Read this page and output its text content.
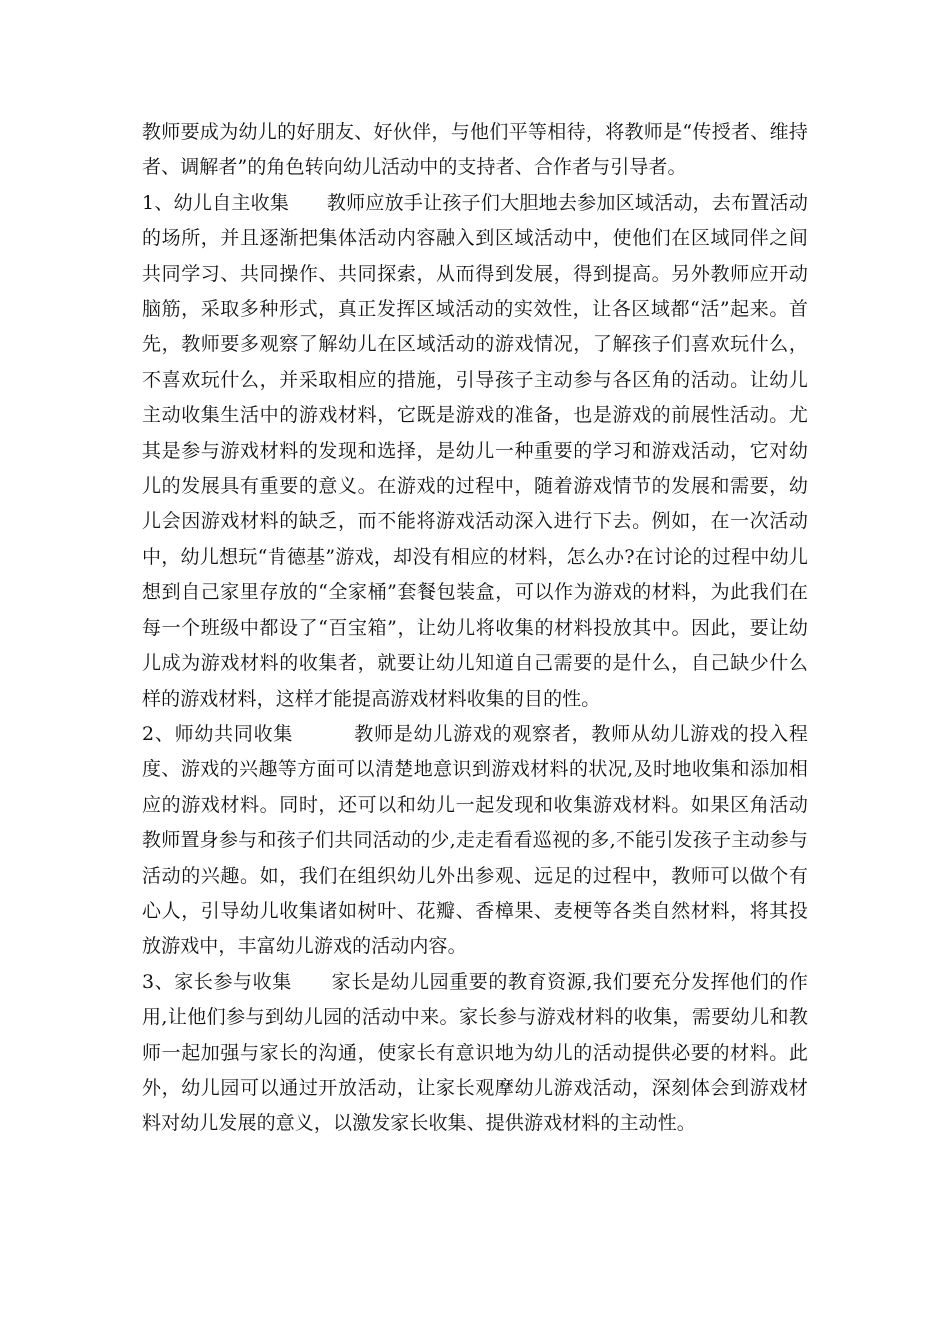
教师要成为幼儿的好朋友、好伙伴，与他们平等相待，将教师是“传授者、维持者、调解者”的角色转向幼儿活动中的支持者、合作者与引导者。

1、幼儿自主收集 教师应放手让孩子们大胆地去参加区域活动，去布置活动的场所，并且逐渐把集体活动内容融入到区域活动中，使他们在区域同伴之间共同学习、共同操作、共同探索，从而得到发展，得到提高。另外教师应开动脑筋，采取多种形式，真正发挥区域活动的实效性，让各区域都“活”起来。首先，教师要多观察了解幼儿在区域活动的游戏情况，了解孩子们喜欢玩什么，不喜欢玩什么，并采取相应的措施，引导孩子主动参与各区角的活动。让幼儿主动收集生活中的游戏材料，它既是游戏的准备，也是游戏的前展性活动。尤其是参与游戏材料的发现和选择，是幼儿一种重要的学习和游戏活动，它对幼儿的发展具有重要的意义。在游戏的过程中，随着游戏情节的发展和需要，幼儿会因游戏材料的缺乏，而不能将游戏活动深入进行下去。例如，在一次活动中，幼儿想玩“肯德基”游戏，却没有相应的材料，怎么办?在讨论的过程中幼儿想到自己家里存放的“全家桶”套餐包装盒，可以作为游戏的材料，为此我们在每一个班级中都设了“百宝箱”，让幼儿将收集的材料投放其中。因此，要让幼儿成为游戏材料的收集者，就要让幼儿知道自己需要的是什么，自己缺少什么样的游戏材料，这样才能提高游戏材料收集的目的性。

2、师幼共同收集	教师是幼儿游戏的观察者，教师从幼儿游戏的投入程度、游戏的兴趣等方面可以清楚地意识到游戏材料的状况,及时地收集和添加相应的游戏材料。同时，还可以和幼儿一起发现和收集游戏材料。如果区角活动教师置身参与和孩子们共同活动的少,走走看看巡视的多,不能引发孩子主动参与活动的兴趣。如，我们在组织幼儿外出参观、远足的过程中，教师可以做个有心人，引导幼儿收集诸如树叶、花瓣、香樟果、麦梗等各类自然材料，将其投放游戏中，丰富幼儿游戏的活动内容。

3、家长参与收集 家长是幼儿园重要的教育资源,我们要充分发挥他们的作用,让他们参与到幼儿园的活动中来。家长参与游戏材料的收集，需要幼儿和教师一起加强与家长的沟通，使家长有意识地为幼儿的活动提供必要的材料。此外，幼儿园可以通过开放活动，让家长观摩幼儿游戏活动，深刻体会到游戏材料对幼儿发展的意义，以激发家长收集、提供游戏材料的主动性。
